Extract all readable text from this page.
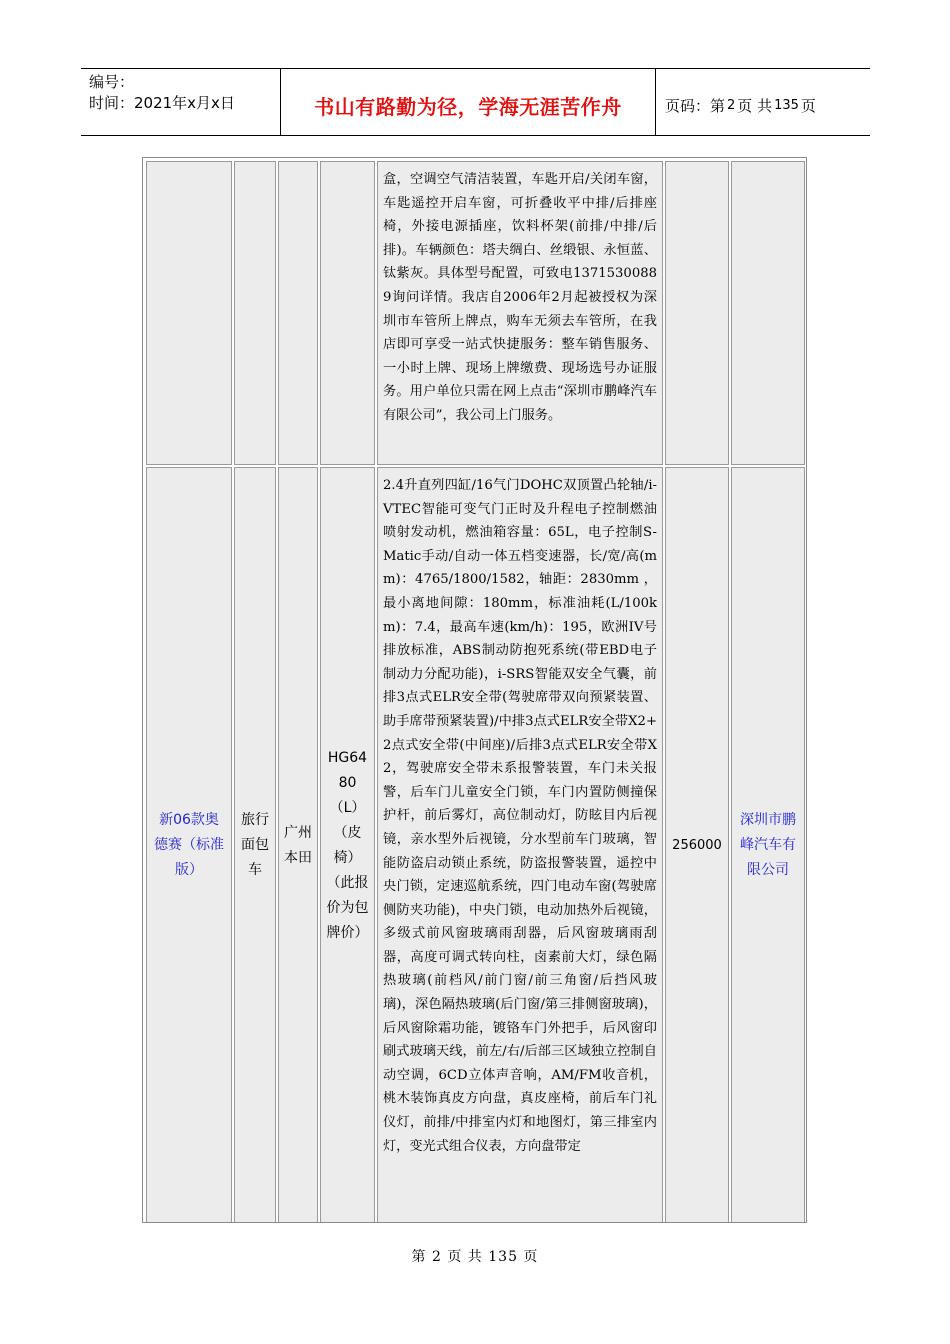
编号：
时间：2021年x月x日	书山有路勤为径，学海无涯苦作舟	页码：第 2 页 共 135 页
盒，空调空气清洁装置，车匙开启/关闭车窗，车匙遥控开启车窗，可折叠收平中排/后排座椅，外接电源插座，饮料杯架(前排/中排/后排)。车辆颜色：塔夫绸白、丝缎银、永恒蓝、钛紫灰。具体型号配置，可致电13715300889询问详情。我店自2006年2月起被授权为深圳市车管所上牌点，购车无须去车管所，在我店即可享受一站式快捷服务：整车销售服务、一小时上牌、现场上牌缴费、现场选号办证服务。用户单位只需在网上点击“深圳市鹏峰汽车有限公司”，我公司上门服务。
新06款奥德赛（标准版）
旅行面包车
广州本田
HG6480（L）（皮椅）（此报价为包牌价）
2.4升直列四缸/16气门DOHC双顶置凸轮轴/i-VTEC智能可变气门正时及升程电子控制燃油喷射发动机，燃油箱容量：65L，电子控制S-Matic手动/自动一体五档变速器，长/宽/高(mm)：4765/1800/1582，轴距：2830mm ，最小离地间隙：180mm，标准油耗(L/100km)：7.4，最高车速(km/h)：195，欧洲IV号排放标准，ABS制动防抱死系统(带EBD电子制动力分配功能)，i-SRS智能双安全气囊，前排3点式ELR安全带(驾驶席带双向预紧装置、助手席带预紧装置)/中排3点式ELR安全带X2+2点式安全带(中间座)/后排3点式ELR安全带X2，驾驶席安全带未系报警装置，车门未关报警，后车门儿童安全门锁，车门内置防侧撞保护杆，前后雾灯，高位制动灯，防眩目内后视镜，亲水型外后视镜，分水型前车门玻璃，智能防盗启动锁止系统，防盗报警装置，遥控中央门锁，定速巡航系统，四门电动车窗(驾驶席侧防夹功能)，中央门锁，电动加热外后视镜，多级式前风窗玻璃雨刮器，后风窗玻璃雨刮器，高度可调式转向柱，卤素前大灯，绿色隔热玻璃(前档风/前门窗/前三角窗/后挡风玻璃)，深色隔热玻璃(后门窗/第三排侧窗玻璃)，后风窗除霜功能，镀铬车门外把手，后风窗印刷式玻璃天线，前左/右/后部三区域独立控制自动空调，6CD立体声音响，AM/FM收音机，桃木装饰真皮方向盘，真皮座椅，前后车门礼仪灯，前排/中排室内灯和地图灯，第三排室内灯，变光式组合仪表，方向盘带定
256000
深圳市鹏峰汽车有限公司
第 2 页 共 135 页
